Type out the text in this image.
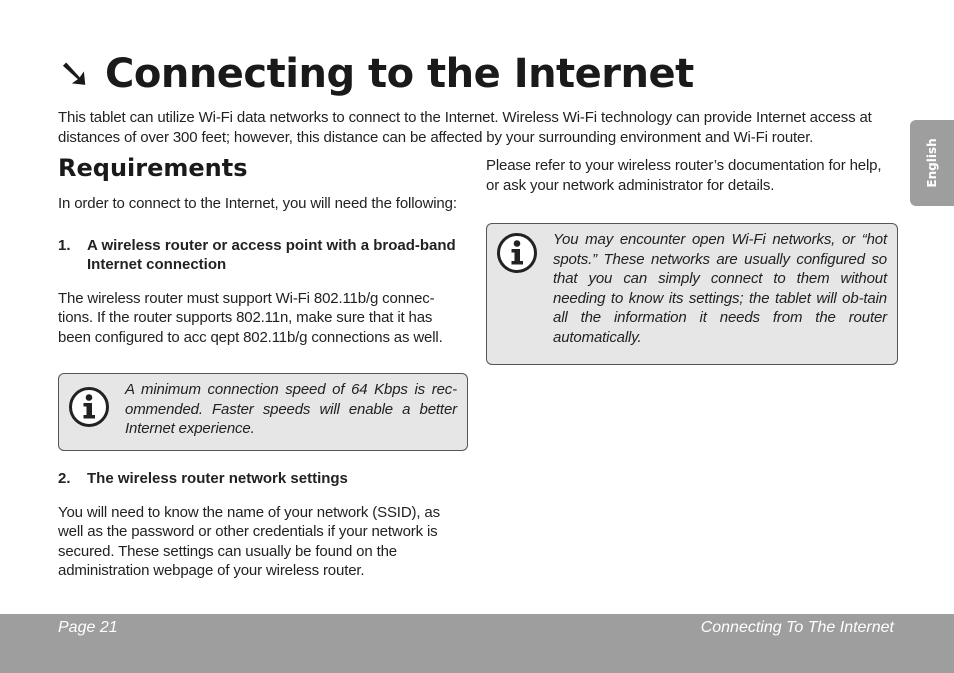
➘ Connecting to the Internet

This tablet can utilize Wi-Fi data networks to connect to the Internet. Wireless Wi-Fi technology can provide Internet access at distances of over 300 feet; however, this distance can be affected by your surrounding environment and Wi-Fi router.

English
Requirements

In order to connect to the Internet, you will need the following:

1.	A wireless router or access point with a broad-band Internet connection

The wireless router must support Wi-Fi 802.11b/g connec-tions. If the router supports 802.11n, make sure that it has been configured to acc qept 802.11b/g connections as well.

A minimum connection speed of 64 Kbps is rec-ommended. Faster speeds will enable a better Internet experience.
2.	The wireless router network settings

You will need to know the name of your network (SSID), as well as the password or other credentials if your network is secured. These settings can usually be found on the administration webpage of your wireless router.

Please refer to your wireless router’s documentation for help, or ask your network administrator for details.

You may encounter open Wi-Fi networks, or “hot spots.” These networks are usually configured so that you can simply connect to them without needing to know its settings; the tablet will ob-tain all the information it needs from the router automatically.
Page 21	Connecting To The Internet
